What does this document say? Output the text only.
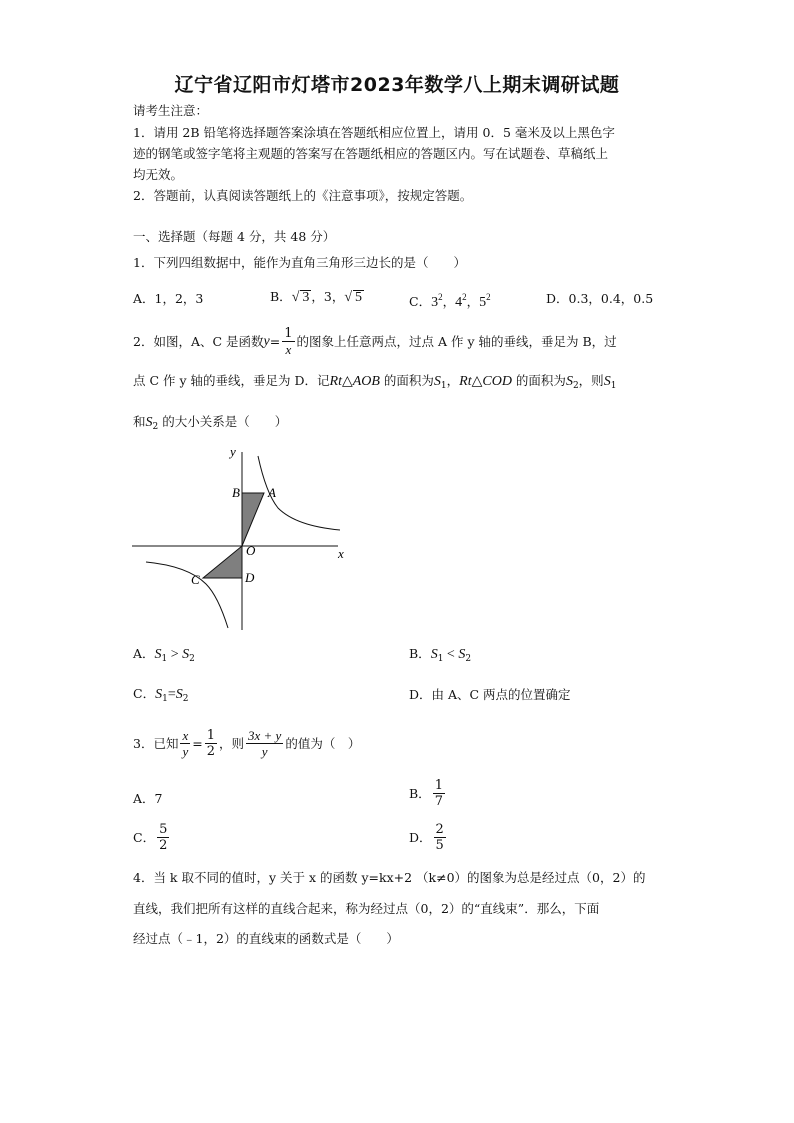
辽宁省辽阳市灯塔市2023年数学八上期末调研试题
请考生注意：
1．请用 2B 铅笔将选择题答案涂填在答题纸相应位置上，请用 0．5 毫米及以上黑色字
迹的钢笔或签字笔将主观题的答案写在答题纸相应的答题区内。写在试题卷、草稿纸上
均无效。
2．答题前，认真阅读答题纸上的《注意事项》，按规定答题。
一、选择题（每题 4 分，共 48 分）
1．下列四组数据中，能作为直角三角形三边长的是（　　）
A．1，2，3	B．√ 3 ，3，√ 5	C．$3^2$，$4^2$，$5^2$	D．0.3，0.4，0.5
2．如图，A、C 是函数 $y = \frac{1}{x}$ 的图象上任意两点，过点 A 作 y 轴的垂线，垂足为 B，过
点 C 作 y 轴的垂线，垂足为 D．记Rt△AOB 的面积为$S_1$，Rt△COD 的面积为$S_2$，则$S_1$
和$S_2$ 的大小关系是（　　）
y
x
O
B A
C	D
A．$S_1 > S_2$	B．$S_1 < S_2$
C．$S_1=S_2$	D．由 A、C 两点的位置确定
3．已知 $\frac{x}{y} = \frac{1}{2}$ ，则 $\frac{3x + y}{y}$ 的值为（　）
A．7	B． $\frac{1}{7}$
C． $\frac{5}{2}$	D． $\frac{2}{5}$
4．当 k 取不同的值时，y 关于 x 的函数 y=kx+2 （k≠0）的图象为总是经过点（0，2）的
直线，我们把所有这样的直线合起来，称为经过点（0，2）的“直线束”．那么，下面
经过点（﹣1，2）的直线束的函数式是（　　）
